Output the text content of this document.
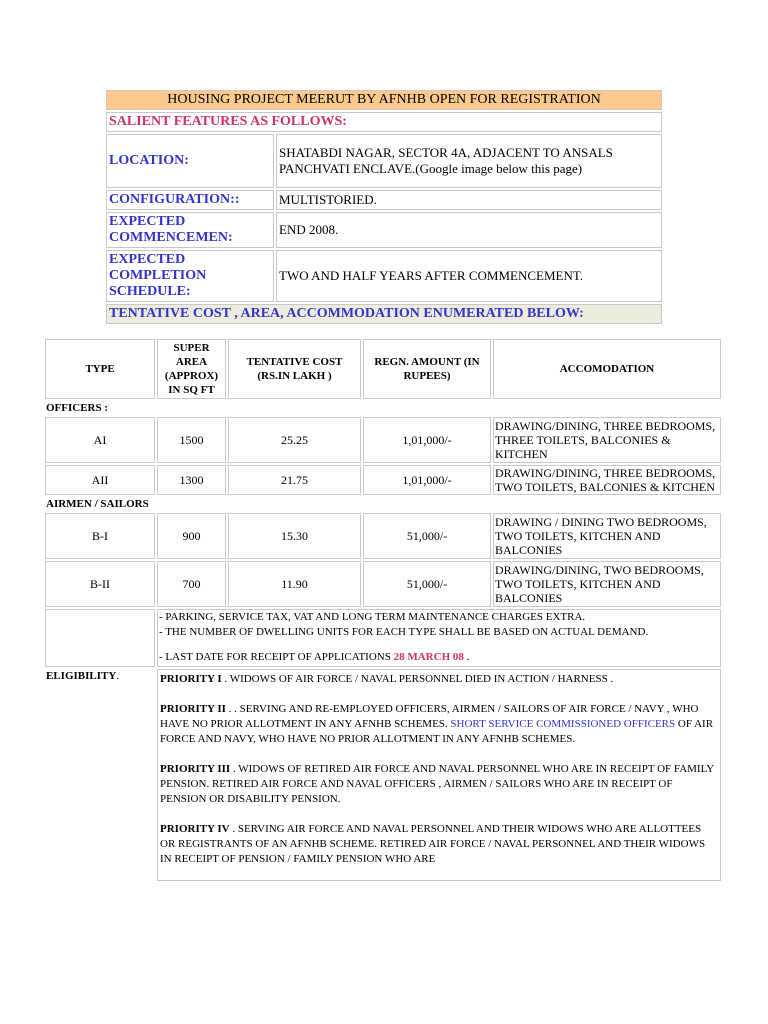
HOUSING PROJECT MEERUT BY AFNHB OPEN FOR REGISTRATION	
SALIENT FEATURES AS FOLLOWS:	
LOCATION:	SHATABDI NAGAR, SECTOR 4A, ADJACENT TO ANSALS PANCHVATI ENCLAVE.(Google image below this page)
CONFIGURATION::	MULTISTORIED.
EXPECTED COMMENCEMEN:	END 2008.
EXPECTED COMPLETION SCHEDULE:	TWO AND HALF YEARS AFTER COMMENCEMENT.
TENTATIVE COST , AREA, ACCOMMODATION ENUMERATED BELOW:	
TYPE	SUPER AREA (APPROX) IN SQ FT	TENTATIVE COST (RS.IN LAKH )	REGN. AMOUNT (IN RUPEES)	ACCOMODATION
OFFICERS :				
AI	1500	25.25	1,01,000/-	DRAWING/DINING, THREE BEDROOMS, THREE TOILETS, BALCONIES & KITCHEN
AII	1300	21.75	1,01,000/-	DRAWING/DINING, THREE BEDROOMS, TWO TOILETS, BALCONIES & KITCHEN
AIRMEN / SAILORS				
B-I	900	15.30	51,000/-	DRAWING / DINING TWO BEDROOMS, TWO TOILETS, KITCHEN AND BALCONIES
B-II	700	11.90	51,000/-	DRAWING/DINING, TWO BEDROOMS, TWO TOILETS, KITCHEN AND BALCONIES

	- PARKING, SERVICE TAX, VAT AND LONG TERM MAINTENANCE CHARGES EXTRA.
- THE NUMBER OF DWELLING UNITS FOR EACH TYPE SHALL BE BASED ON ACTUAL DEMAND.
- LAST DATE FOR RECEIPT OF APPLICATIONS 28 MARCH 08 .			

ELIGIBILITY.	PRIORITY I . WIDOWS OF AIR FORCE / NAVAL PERSONNEL DIED IN ACTION / HARNESS .

PRIORITY II . . SERVING AND RE-EMPLOYED OFFICERS, AIRMEN / SAILORS OF AIR FORCE / NAVY , WHO HAVE NO PRIOR ALLOTMENT IN ANY AFNHB SCHEMES. SHORT SERVICE COMMISSIONED OFFICERS OF AIR FORCE AND NAVY, WHO HAVE NO PRIOR ALLOTMENT IN ANY AFNHB SCHEMES.

PRIORITY III . WIDOWS OF RETIRED AIR FORCE AND NAVAL PERSONNEL WHO ARE IN RECEIPT OF FAMILY PENSION. RETIRED AIR FORCE AND NAVAL OFFICERS , AIRMEN / SAILORS WHO ARE IN RECEIPT OF PENSION OR DISABILITY PENSION.

PRIORITY IV . SERVING AIR FORCE AND NAVAL PERSONNEL AND THEIR WIDOWS WHO ARE ALLOTTEES OR REGISTRANTS OF AN AFNHB SCHEME. RETIRED AIR FORCE / NAVAL PERSONNEL AND THEIR WIDOWS IN RECEIPT OF PENSION / FAMILY PENSION WHO ARE			
